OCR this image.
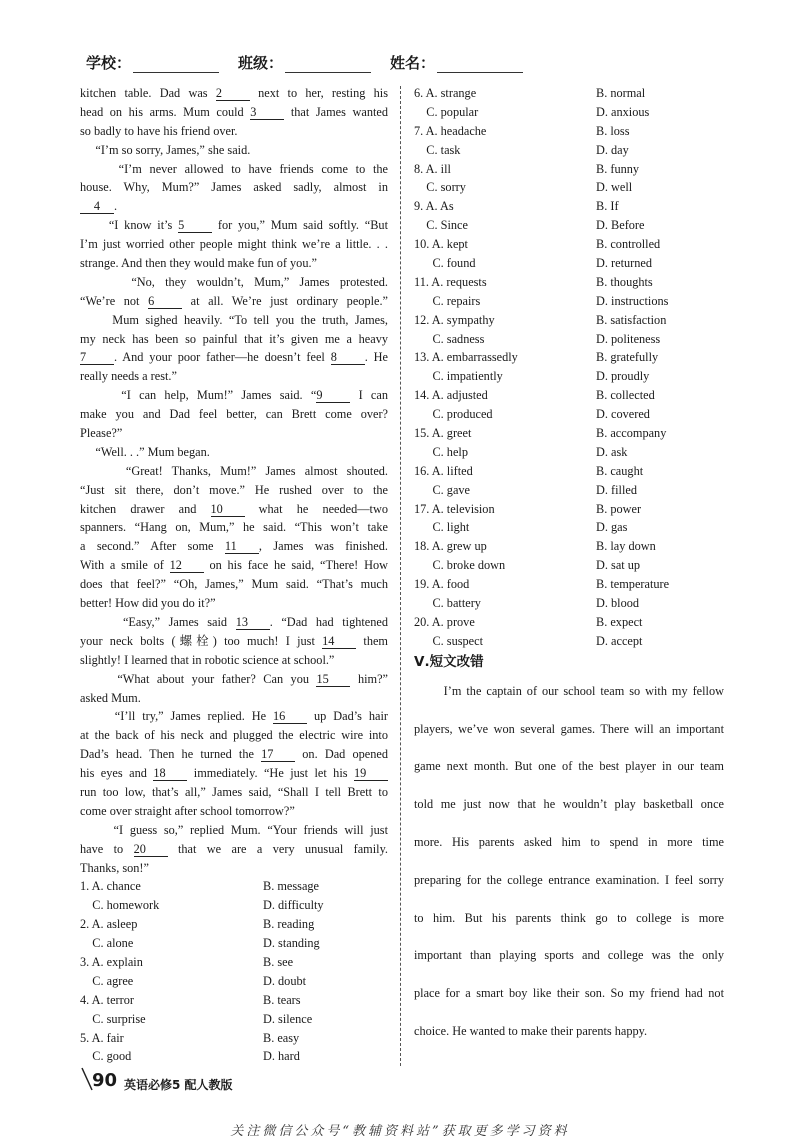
学校：	班级：	姓名：
kitchen table. Dad was 2 next to her, resting his
head on his arms. Mum could 3 that James wanted
so badly to have his friend over.
“I’m so sorry, James,” she said.
“I’m never allowed to have friends come to the
house. Why, Mum?” James asked sadly, almost in
4 .
“I know it’s 5 for you,” Mum said softly. “But
I’m just worried other people might think we’re a little. . .
strange. And then they would make fun of you.”
“No, they wouldn’t, Mum,” James protested.
“We’re not 6 at all. We’re just ordinary people.”
Mum sighed heavily. “To tell you the truth, James,
my neck has been so painful that it’s given me a heavy
7 . And your poor father—he doesn’t feel 8 . He
really needs a rest.”
“I can help, Mum!” James said. “9 I can
make you and Dad feel better, can Brett come over?
Please?”
“Well. . .” Mum began.
“Great! Thanks, Mum!” James almost shouted.
“Just sit there, don’t move.” He rushed over to the
kitchen drawer and 10 what he needed—two
spanners. “Hang on, Mum,” he said. “This won’t take
a second.” After some 11 , James was finished.
With a smile of 12 on his face he said, “There! How
does that feel?” “Oh, James,” Mum said. “That’s much
better! How did you do it?”
“Easy,” James said 13 . “Dad had tightened
your neck bolts (螺栓) too much! I just 14 them
slightly! I learned that in robotic science at school.”
“What about your father? Can you 15 him?”
asked Mum.
“I’ll try,” James replied. He 16 up Dad’s hair
at the back of his neck and plugged the electric wire into
Dad’s head. Then he turned the 17 on. Dad opened
his eyes and 18 immediately. “He just let his 19
run too low, that’s all,” James said, “Shall I tell Brett to
come over straight after school tomorrow?”
“I guess so,” replied Mum. “Your friends will just
have to 20 that we are a very unusual family.
Thanks, son!”
1. A. chance	B. message
C. homework	D. difficulty
2. A. asleep	B. reading
C. alone	D. standing
3. A. explain	B. see
C. agree	D. doubt
4. A. terror	B. tears
C. surprise	D. silence
5. A. fair	B. easy
C. good	D. hard
6. A. strange	B. normal
C. popular	D. anxious
7. A. headache	B. loss
C. task	D. day
8. A. ill	B. funny
C. sorry	D. well
9. A. As	B. If
C. Since	D. Before
10. A. kept	B. controlled
C. found	D. returned
11. A. requests	B. thoughts
C. repairs	D. instructions
12. A. sympathy	B. satisfaction
C. sadness	D. politeness
13. A. embarrassedly	B. gratefully
C. impatiently	D. proudly
14. A. adjusted	B. collected
C. produced	D. covered
15. A. greet	B. accompany
C. help	D. ask
16. A. lifted	B. caught
C. gave	D. filled
17. A. television	B. power
C. light	D. gas
18. A. grew up	B. lay down
C. broke down	D. sat up
19. A. food	B. temperature
C. battery	D. blood
20. A. prove	B. expect
C. suspect	D. accept
Ⅴ.短文改错
I’m the captain of our school team so with my fellow
players, we’ve won several games. There will an important
game next month. But one of the best player in our team
told me just now that he wouldn’t play basketball once
more. His parents asked him to spend in more time
preparing for the college entrance examination. I feel sorry
to him. But his parents think go to college is more
important than playing sports and college was the only
place for a smart boy like their son. So my friend had not
choice. He wanted to make their parents happy.
90 英语必修5 配人教版
关注微信公众号“教辅资料站”获取更多学习资料
